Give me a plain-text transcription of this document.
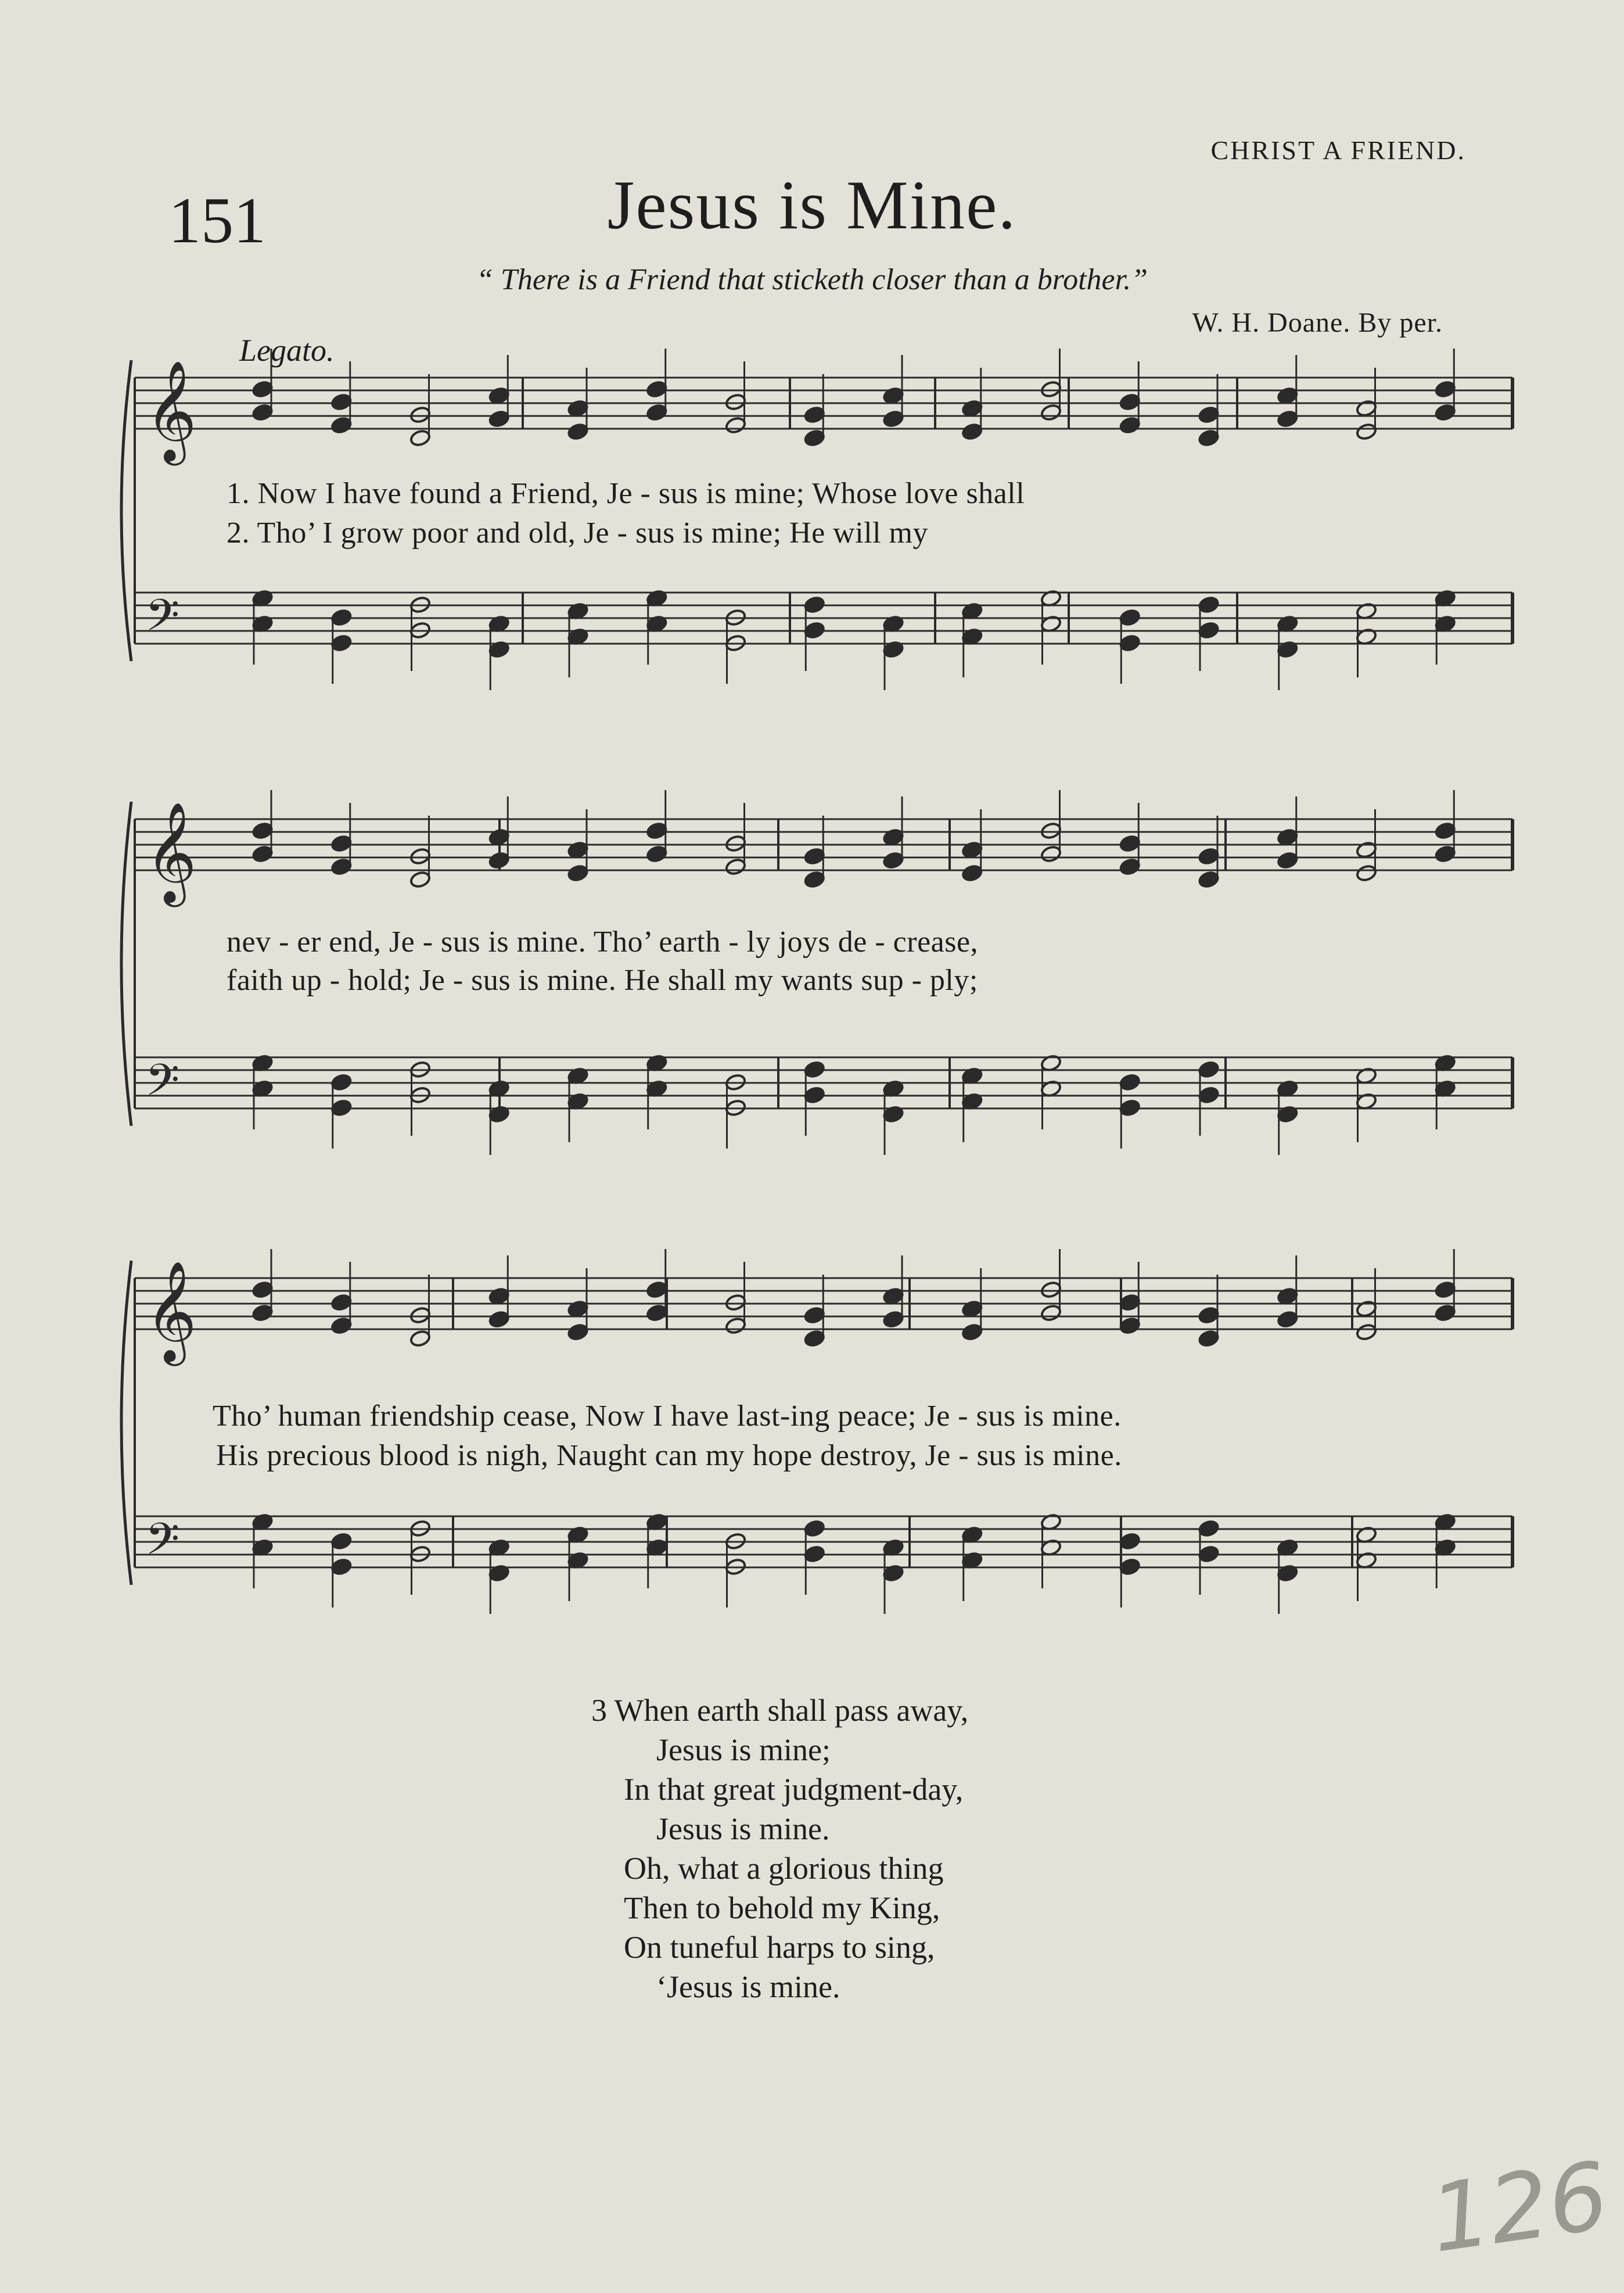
CHRIST A FRIEND.
151	Jesus is Mine.
“ There is a Friend that sticketh closer than a brother.”
W. H. Doane. By per.
Legato.
𝄞
𝄢
𝄞
𝄢
𝄞
𝄢
1. Now I have found a Friend, Je - sus is mine; Whose love shall
2. Tho’ I grow poor and old, Je - sus is mine; He will my
nev - er end, Je - sus is mine. Tho’ earth - ly joys de - crease,
faith up - hold; Je - sus is mine. He shall my wants sup - ply;
Tho’ human friendship cease, Now I have last-ing peace; Je - sus is mine.
His precious blood is nigh, Naught can my hope destroy, Je - sus is mine.
3 When earth shall pass away,
Jesus is mine;
In that great judgment-day,
Jesus is mine.
Oh, what a glorious thing
Then to behold my King,
On tuneful harps to sing,
‘Jesus is mine.
126
